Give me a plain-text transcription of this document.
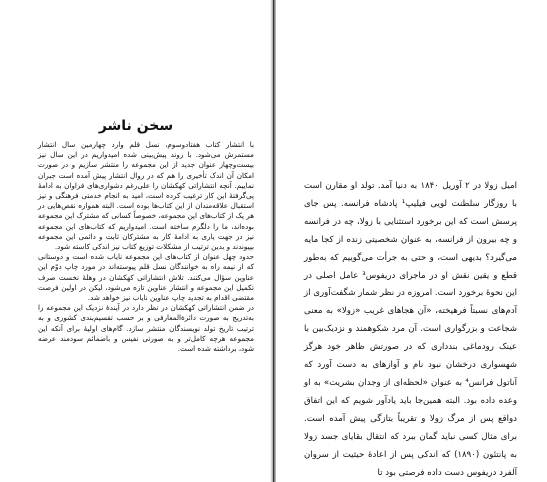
سخن ناشر

با انتشار کتاب هفتادوسوم، نسل قلم وارد چهارمین سال انتشار مستمرش می‌شود. با روند پیش‌بینی شده امیدواریم در این سال نیز بیست‌وچهار عنوان جدید از این مجموعه را منتشر سازیم و در صورت امکان آن اندک تأخیری را هم که در روال انتشار پیش آمده است جبران نماییم. آنچه انتشاراتی کهکشان را علی‌رغم دشواری‌های فراوان به ادامهٔ پی‌گرفتهٔ این کار ترغیب کرده است، امید به انجام خدمتی فرهنگی و نیز استقبال علاقه‌مندان از این کتاب‌ها بوده است. البته همواره نقص‌هایی در هر یک از کتاب‌های این مجموعه، خصوصاً کسانی که مشترک این مجموعه بوده‌اند، ما را دلگرم ساخته است. امیدواریم که کتاب‌های این مجموعه نیز در جهت یاری به ادامهٔ کار به مشترکان ثابت و دائمی این مجموعه بپیوندند و بدین ترتیب از مشکلات توزیع کتاب نیز اندکی کاسته شود.

حدود چهل عنوان از کتاب‌های این مجموعه نایاب شده است و دوستانی که از نیمه راه به خوانندگان نسل قلم پیوسته‌اند در مورد چاپ دوّم این عناوین سؤال می‌کنند. تلاش انتشاراتی کهکشان در وهلهٔ نخست صرف تکمیل این مجموعه و انتشار عناوین تازه می‌شود، لیکن در اولین فرصت مقتضی اقدام به تجدید چاپ عناوین نایاب نیز خواهد شد.

در ضمن انتشاراتی کهکشان در نظر دارد در آیندهٔ نزدیک این مجموعه را به‌تدریج به صورت دائرةالمعارفی و بر حسب تقسیم‌بندی کشوری و به ترتیب تاریخ تولد نویسندگان منتشر سازد. گام‌های اولیهٔ برای آنکه این مجموعه هرچه کامل‌تر و به صورتی نفیس و باضمائم سودمند عرضه شود، برداشته شده است.

امیل زولا در ۲ آوریل ۱۸۴۰ به دنیا آمد. تولد او مقارن است با روزگار سلطنت لویی فیلیپ¹ پادشاه فرانسه. پس جای پرسش است که این برخورد استثنایی با زولا، چه در فرانسه و چه بیرون از فرانسه، به عنوان شخصیتی زنده از کجا مایه می‌گیرد؟ بدیهی است، و حتی به جرأت می‌گوییم که به‌طور قطع و یقین نقش او در ماجرای دریفوس³ عامل اصلی در این نحوهٔ برخورد است. امروزه در نظر شمار شگفت‌آوری از آدم‌های نسبتاً فرهیخته، «آن هجاهای غریب «زولا» به معنی شجاعت و بزرگواری است. آن مرد شکوهمند و نزدیک‌بین با عینک رودماغی بندداری که در صورتش ظاهر خود هرگز شهسواری درخشان نبود نام و آوازهای به دست آورد که آناتول فرانس⁴ به عنوان «لحظه‌ای از وجدان بشریت» به او وعده داده بود. البته همین‌جا باید یادآور شویم که این اتفاق دواقع پس از مرگ زولا و تقریباً بتازگی پیش آمده است. برای مثال کسی نباید گمان ببرد که انتقال بقایای جسد زولا به پانتئون (۱۸۹۰) که اندکی پس از اعادهٔ حیثیت از سروان آلفرد دریفوس دست داده فرصتی بود تا
